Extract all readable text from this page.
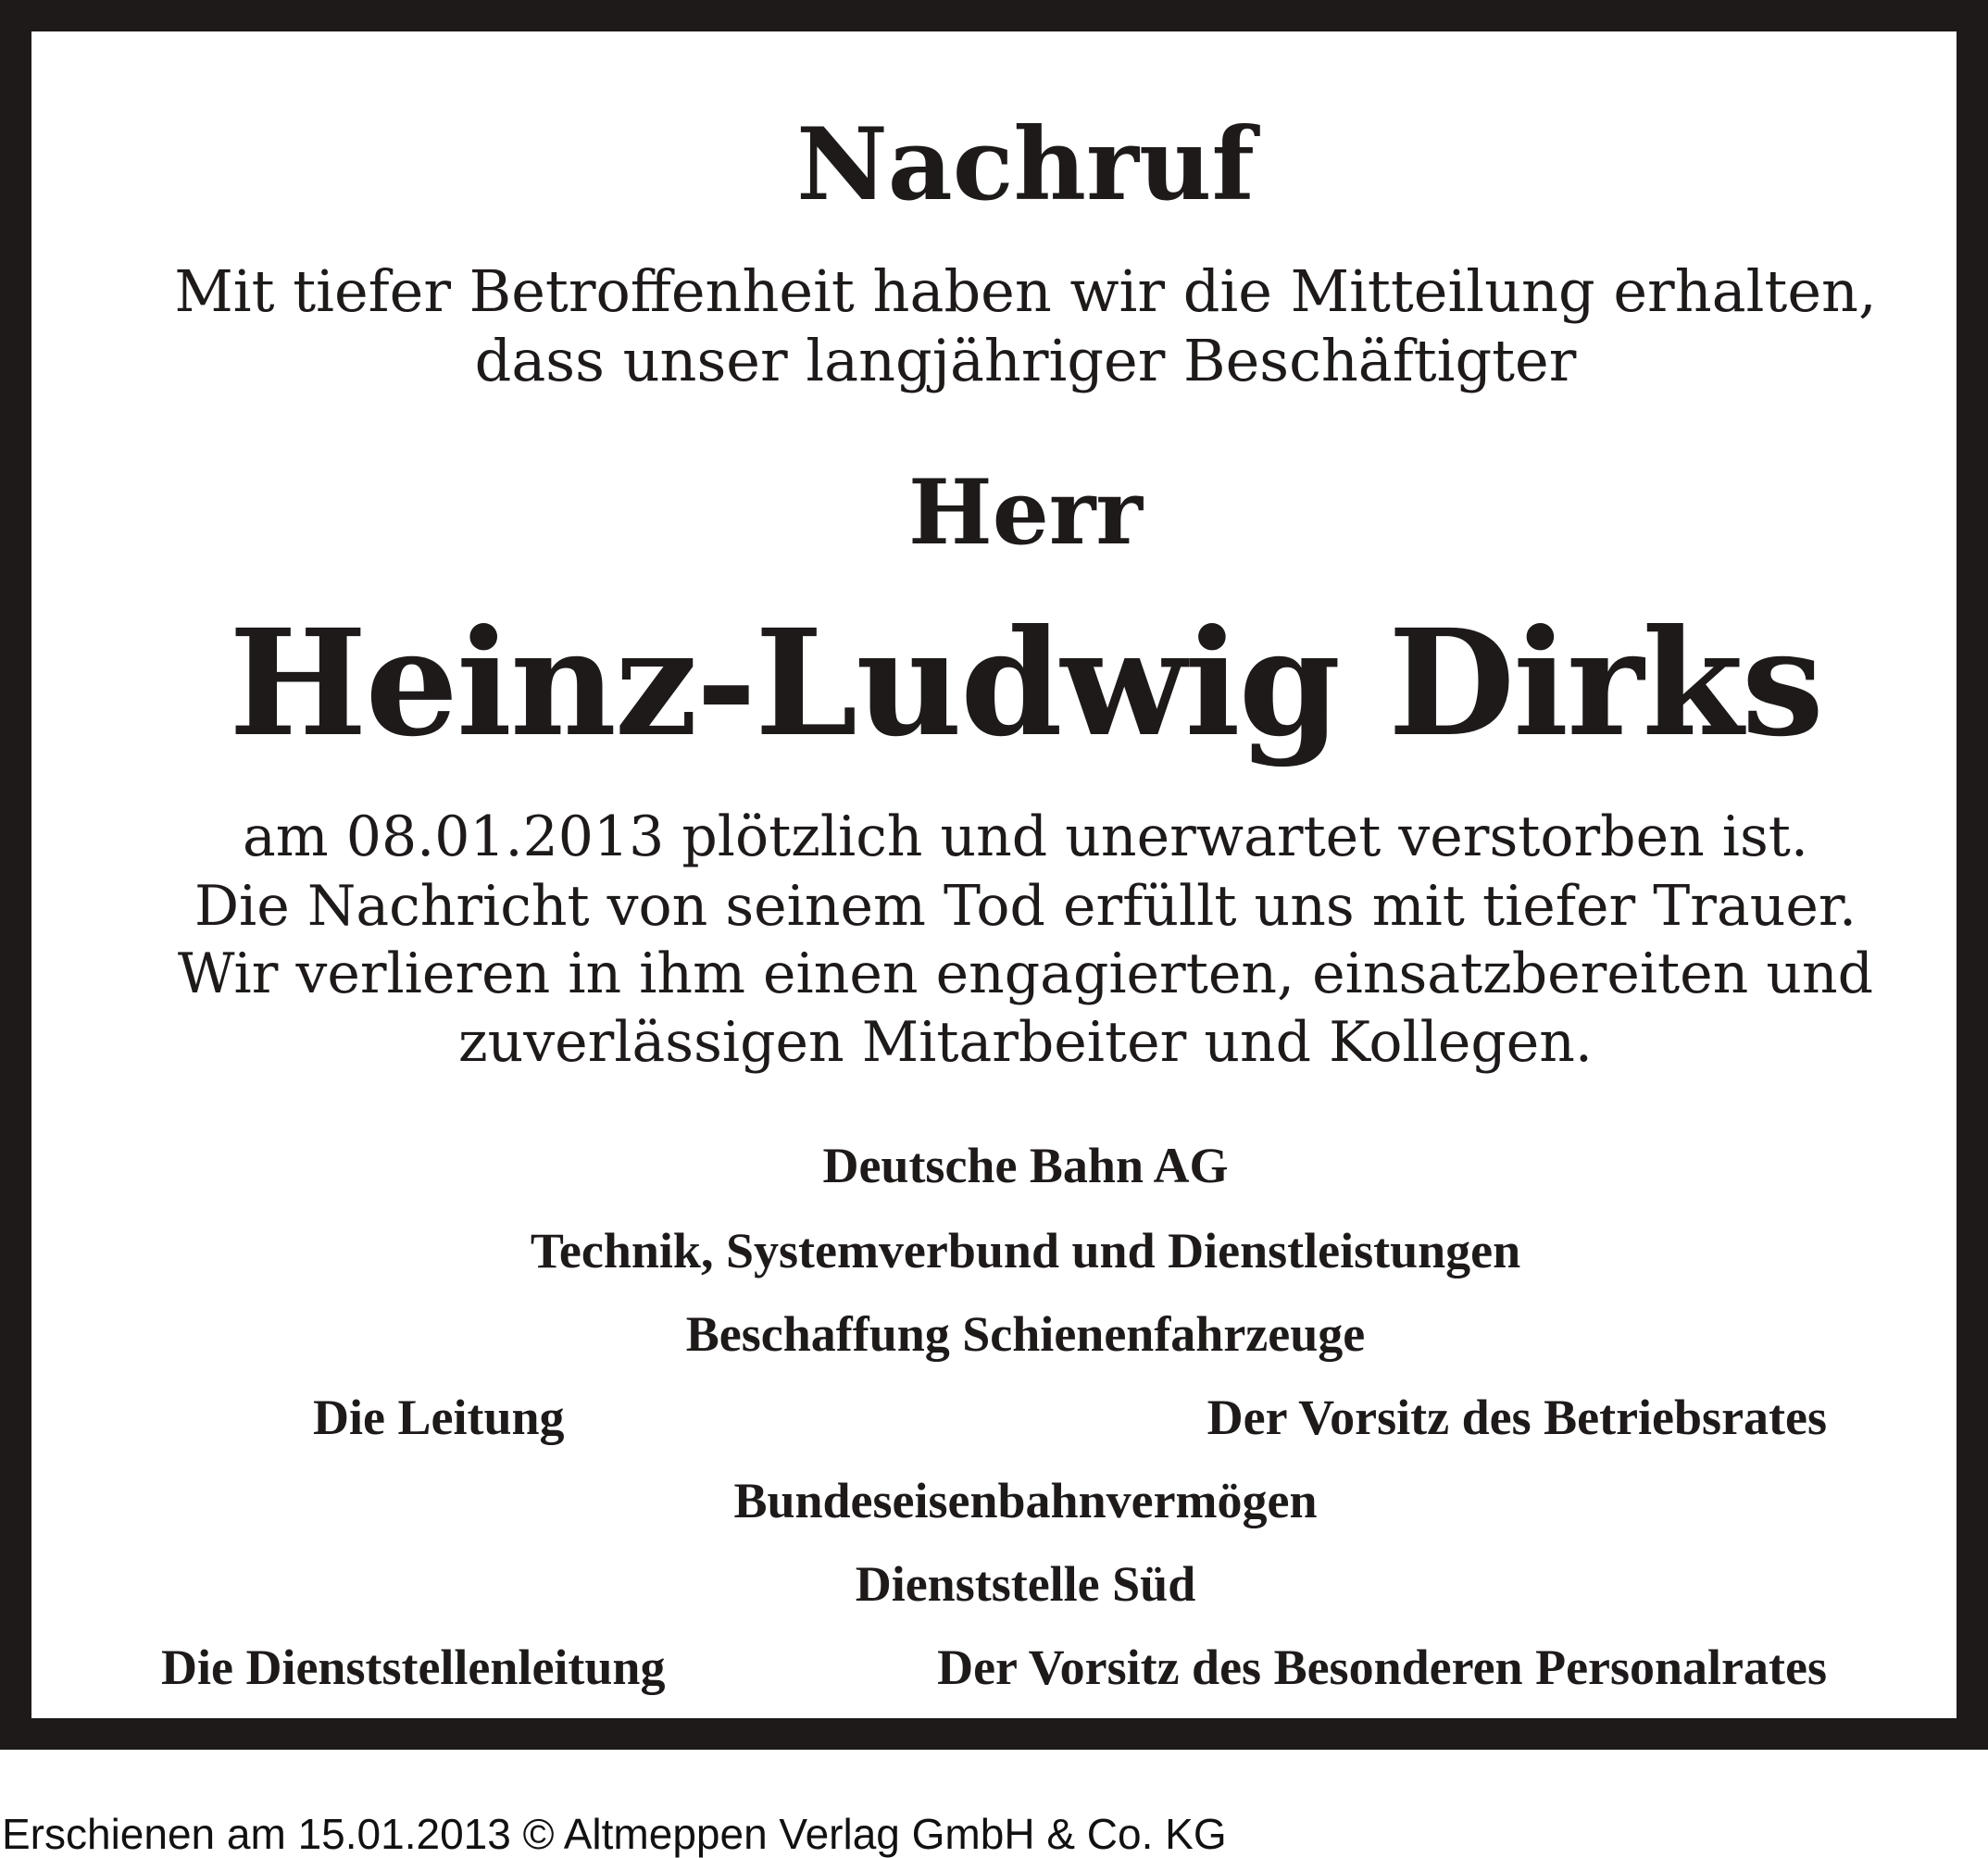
Nachruf
Mit tiefer Betroffenheit haben wir die Mitteilung erhalten,
dass unser langjähriger Beschäftigter
Herr
Heinz-Ludwig Dirks
am 08.01.2013 plötzlich und unerwartet verstorben ist.
Die Nachricht von seinem Tod erfüllt uns mit tiefer Trauer.
Wir verlieren in ihm einen engagierten, einsatzbereiten und
zuverlässigen Mitarbeiter und Kollegen.
Deutsche Bahn AG
Technik, Systemverbund und Dienstleistungen
Beschaffung Schienenfahrzeuge
Die Leitung	Der Vorsitz des Betriebsrates
Bundeseisenbahnvermögen
Dienststelle Süd
Die Dienststellenleitung	Der Vorsitz des Besonderen Personalrates
Erschienen am 15.01.2013 © Altmeppen Verlag GmbH & Co. KG
